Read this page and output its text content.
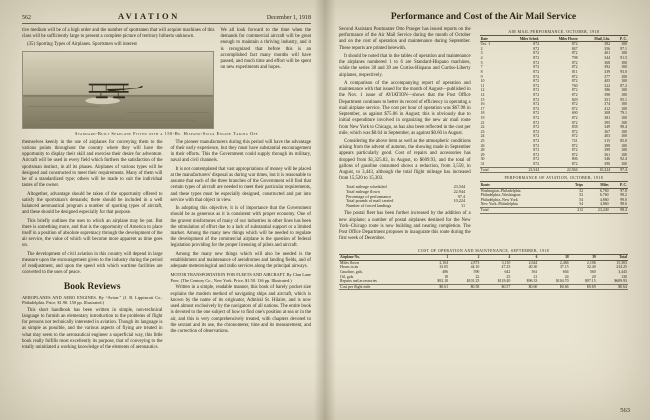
562	AVIATION	December 1, 1918

tive medium will be of a high order and the number of sportsmen that will acquire machines of this class will be sufficiently large to present a complete picture of territory hitherto unknown.

(35) Sporting Types of Airplanes. Sportsmen will interest

We all look forward to the time when the demands for commercial aircraft will be great enough to maintain a thriving industry, and it is recognized that before this is an accomplished fact many months will have passed, and much time and effort will be spent on new experiments and hopes.

Standard-Built Seaplane Fitted with a 150-Hp. Hispano-Suiza Engine Taking Off

themselves keenly in the use of airplanes for conveying them to the various points throughout the country where they will have the opportunity to display their skill and exercise their desire for adventure. Aircraft will be used in every field which furthers the satisfaction of the sportsman instinct, in all its phases. Airplanes of various types will be designed and constructed to meet their requirements. Many of them will be of a standardized type; others will be made to suit the individual tastes of the owner.

Altogether, advantage should be taken of the opportunity offered to satisfy the sportsman's demands; there should be included in a well balanced aeronautical program a number of sporting types of aircraft, and these should be designed especially for that purpose.

This briefly outlines the uses to which an airplane may be put. But there is something more, and that is the opportunity of America to place itself in a position of absolute supremacy through the development of the air service, the value of which will become more apparent as time goes on.

The development of civil aviation in this country will depend in large measure upon the encouragement given to the industry during the period of readjustment, and upon the speed with which wartime facilities are converted to the uses of peace.

Book Reviews

AEROPLANES AND AERO ENGINES. By “Avion.” (J. B. Lippincott Co., Philadelphia. Price, $1.90. 150 pp. Illustrated.)

This short handbook has been written in simple, non-technical language to furnish an elementary introduction to the problems of flight for persons not technically interested in aviation. Though its language is as simple as possible, and the various aspects of flying are treated in what may seem to the aeronautical engineer a superficial way, this little book really fulfills most excellently its purpose, that of conveying to the totally uninitiated a working knowledge of the elements of aeronautics.

The pioneer manufacturers during this period will have the advantage of their early experience, but they must have substantial encouragement in their efforts. This the Government could supply through its military, naval and civil channels.

It is not contemplated that vast appropriations of money will be placed at the manufacturers' disposal as during war times, but it is reasonable to assume that each of the three branches of the Government will find that certain types of aircraft are needed to meet their particular requirements, and these types must be especially designed, constructed and put into service with that object in view.

In adopting this objective, it is of importance that the Government should be as generous as it is consistent with proper economy. One of the gravest misfortunes of many of our industries in other lines has been the stimulation of effort due to a lack of substantial support or a limited market. Among the many new things which will be needed to regulate the development of the commercial airplane is the question of federal legislation providing for the proper licensing of pilots and aircraft.

Among the many new things which will also be needed is the establishment and maintenance of aerodromes and landing fields, and of adequate meteorological and radio services along the principal airways.

MOTOR TRANSPORTATION FOR FLEETS AND AIRCRAFT. By Clan Lane Poor. (The Century Co., New York. Price, $1.50. 136 pp. Illustrated.)

Written in a simple, readable manner, this book of barely pocket size explains the modern method of navigating ships and aircraft, which is known by the name of its originator, Admiral St. Hilaire, and is now used almost exclusively by the navigators of all nations. The entire book is devoted to the one subject of how to find one's position at sea or in the air, and this is very comprehensively treated, with chapters devoted to the sextant and its use, the chronometer, time and its measurement, and the correction of observations.

Performance and Cost of the Air Mail Service

Second Assistant Postmaster Otto Praeger has issued reports on the performance of the Air Mail Service during the month of October and on the cost of operation and maintenance during September. These reports are printed herewith.

It should be noted that in the tables of operation and maintenance the airplanes numbered 1 to 6 are Standard-Hispano machines, while the series 38 and 39 are Curtiss-Hispano and Curtiss-Liberty airplanes, respectively.

A comparison of the accompanying report of operation and maintenance with that issued for the month of August—published in the Nov. 1 issue of AVIATION—shows that the Post Office Department continues to better its record of efficiency in operating a mail airplane service. The cost per hour of operation was $67.98 in September, as against $75.06 in August; this is obviously due to initial expenditure involved in organizing the new air mail route from New York to Chicago, as has also been reflected in the cost per mile, which was $0.64 in September, as against $0.60 in August.

Considering the above item as well as the atmospheric conditions arising from the advent of autumn, the showing made in September appears particularly good. Cost of repairs and accessories has dropped from $1,325.82, in August, to $609.93, and the total of gallons of gasoline consumed shows a reduction, from 3,550, in August, to 3,443, although the total flight mileage has increased from 15,520 to 15,303.

Total mileage scheduled	23,544
Total mileage flown	22,944
Percentage of performance	97.4
Total pounds of mail carried	10,224
Number of forced landings	11

The postal fleet has been further increased by the addition of a new airplane; a number of postal airplanes destined for the New York–Chicago route is now building and nearing completion. The Post Office Department proposes to inaugurate this route during the first week of December.

AIR MAIL PERFORMANCE, OCTOBER, 1918
Date	Miles Sched.	Miles Flown	Mail, Lbs.	P. C.
Oct. 1	872	872	382	100
2	872	847	356	97.1
3	872	872	401	100
4	872	798	344	91.5
5	872	872	368	100
7	872	872	392	100
8	872	811	339	93.0
9	872	872	377	100
10	872	872	405	100
11	872	760	322	87.2
12	872	872	386	100
14	872	872	398	100
15	872	829	351	95.1
16	872	872	374	100
17	872	872	412	100
18	872	690	308	79.1
19	872	872	381	100
21	872	872	395	100
22	872	858	349	98.4
23	872	872	367	100
24	872	872	403	100
25	872	741	315	85.0
26	872	872	388	100
28	872	872	399	100
29	872	872	361	100
30	872	806	346	92.4
31	872	872	390	100
Total	23,544	22,944	10,224	97.4
PERFORMANCE OF AVIATION, OCTOBER, 1918
Route	Trips	Miles	P. C.
Washington–Philadelphia	52	6,760	97.8
Philadelphia–Washington	52	6,760	98.2
Philadelphia–New York	54	4,860	99.0
New York–Philadelphia	54	4,860	98.6
Total	212	23,240	98.4
COST OF OPERATION AND MAINTENANCE, SEPTEMBER, 1918
Airplane No.	1	2	4	6	38	39	Total
Miles flown	2,104	2,873	3,110	2,644	2,466	2,106	15,303
Hours in air	33.05	44.10	47.25	40.30	37.15	32.40	234.25
Gasoline, gals.	486	590	642	561	604	560	3,443
Oil, gals.	18	22	25	21	24	20	130
Repairs and accessories	$92.10	$101.25	$118.40	$96.33	$104.70	$97.15	$609.93
Cost per flight mile	$0.61	$0.58	$0.57	$0.60	$0.66	$0.69	$0.64
563
